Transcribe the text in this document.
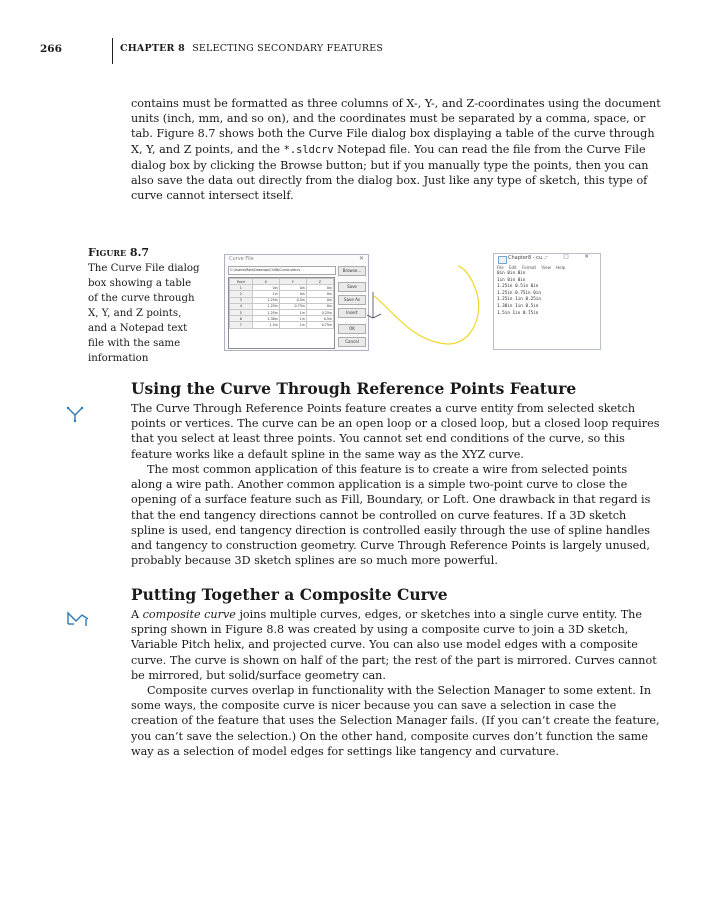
266	CHAPTER 8 SELECTING SECONDARY FEATURES

contains must be formatted as three columns of X-, Y-, and Z-coordinates using the document units (inch, mm, and so on), and the coordinates must be separated by a comma, space, or tab. Figure 8.7 shows both the Curve File dialog box displaying a table of the curve through X, Y, and Z points, and the *.sldcrv Notepad file. You can read the file from the Curve File dialog box by clicking the Browse button; but if you manually type the points, then you can also save the data out directly from the dialog box. Just like any type of sketch, this type of curve cannot intersect itself.

Figure 8.7
The Curve File dialog box showing a table of the curve through X, Y, and Z points, and a Notepad text file with the same information
Curve File	✕
C:\Users\Matt\Desktop\Ch08\Curve.sldcrv	Browse...
Save
Save As
Insert
OK
Cancel
Point	X	Y	Z
1	0in	0in	0in
2	1in	0in	0in
3	1.25in	0.5in	0in
4	1.25in	0.75in	0in
5	1.25in	1in	0.25in
6	1.38in	1in	0.5in
7	1.5in	1in	0.75in
Chapter8 - cu...
– □ ✕
File Edit Format View Help
0in 0in 0in
1in 0in 0in
1.25in 0.5in 0in
1.25in 0.75in 0in
1.25in 1in 0.25in
1.38in 1in 0.5in
1.5in 1in 0.75in
Using the Curve Through Reference Points Feature

The Curve Through Reference Points feature creates a curve entity from selected sketch points or vertices. The curve can be an open loop or a closed loop, but a closed loop requires that you select at least three points. You cannot set end conditions of the curve, so this feature works like a default spline in the same way as the XYZ curve.

The most common application of this feature is to create a wire from selected points along a wire path. Another common application is a simple two-point curve to close the opening of a surface feature such as Fill, Boundary, or Loft. One drawback in that regard is that the end tangency directions cannot be controlled on curve features. If a 3D sketch spline is used, end tangency direction is controlled easily through the use of spline handles and tangency to construction geometry. Curve Through Reference Points is largely unused, probably because 3D sketch splines are so much more powerful.

Putting Together a Composite Curve

A composite curve joins multiple curves, edges, or sketches into a single curve entity. The spring shown in Figure 8.8 was created by using a composite curve to join a 3D sketch, Variable Pitch helix, and projected curve. You can also use model edges with a composite curve. The curve is shown on half of the part; the rest of the part is mirrored. Curves cannot be mirrored, but solid/surface geometry can.

Composite curves overlap in functionality with the Selection Manager to some extent. In some ways, the composite curve is nicer because you can save a selection in case the creation of the feature that uses the Selection Manager fails. (If you can’t create the feature, you can’t save the selection.) On the other hand, composite curves don’t function the same way as a selection of model edges for settings like tangency and curvature.
